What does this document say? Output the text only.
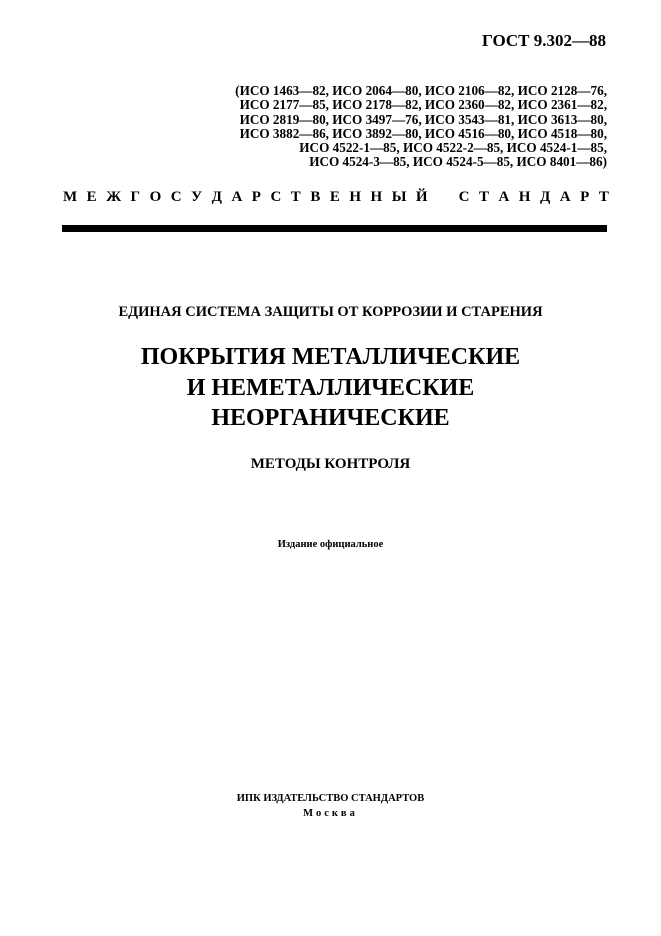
ГОСТ 9.302—88
(ИСО 1463—82, ИСО 2064—80, ИСО 2106—82, ИСО 2128—76,
ИСО 2177—85, ИСО 2178—82, ИСО 2360—82, ИСО 2361—82,
ИСО 2819—80, ИСО 3497—76, ИСО 3543—81, ИСО 3613—80,
ИСО 3882—86, ИСО 3892—80, ИСО 4516—80, ИСО 4518—80,
ИСО 4522-1—85, ИСО 4522-2—85, ИСО 4524-1—85,
ИСО 4524-3—85, ИСО 4524-5—85, ИСО 8401—86)
М Е Ж Г О С У Д А Р С Т В Е Н Н Ы Й С Т А Н Д А Р Т
ЕДИНАЯ СИСТЕМА ЗАЩИТЫ ОТ КОРРОЗИИ И СТАРЕНИЯ
ПОКРЫТИЯ МЕТАЛЛИЧЕСКИЕ
И НЕМЕТАЛЛИЧЕСКИЕ
НЕОРГАНИЧЕСКИЕ
МЕТОДЫ КОНТРОЛЯ
Издание официальное
ИПК ИЗДАТЕЛЬСТВО СТАНДАРТОВ
Москва
